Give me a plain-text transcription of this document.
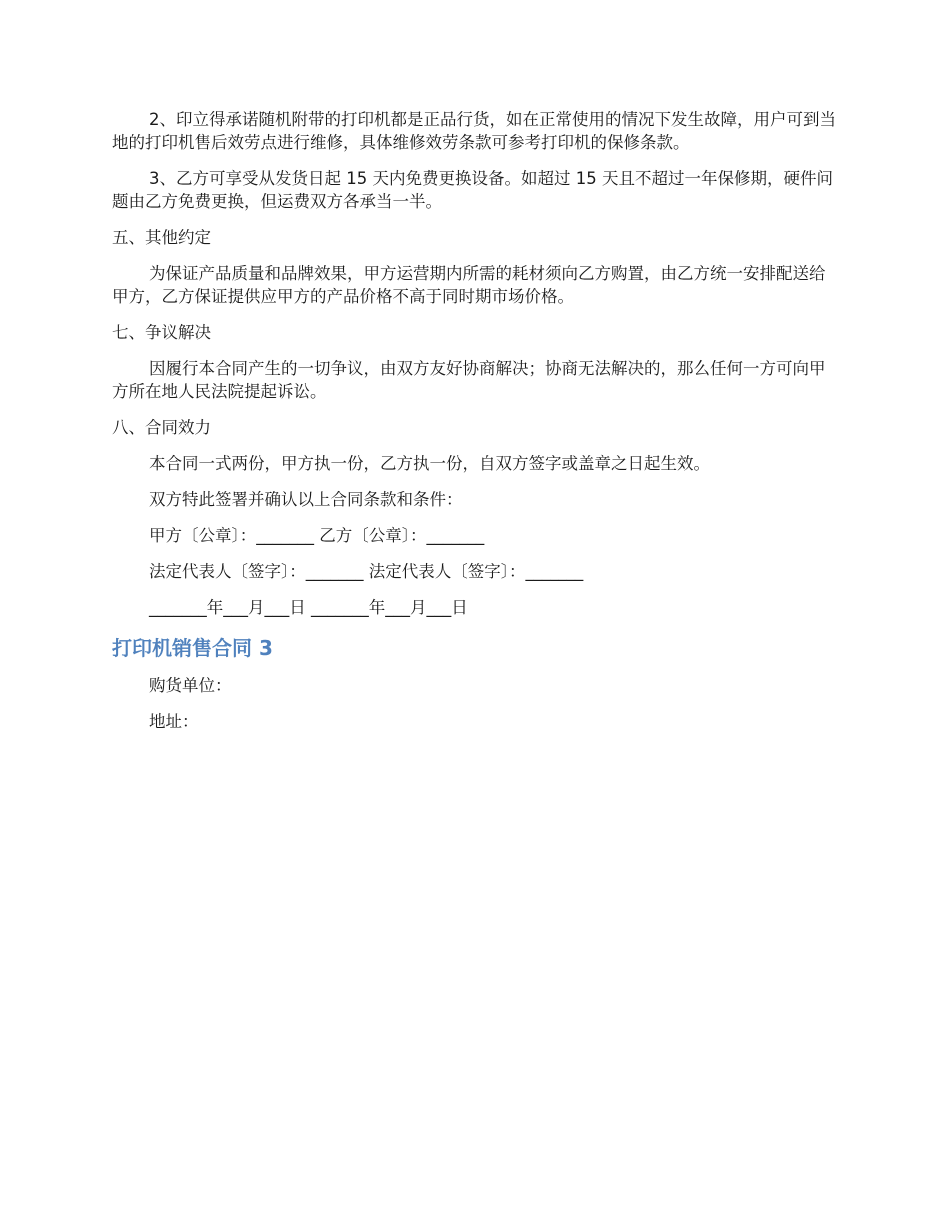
2、印立得承诺随机附带的打印机都是正品行货，如在正常使用的情况下发生故障，用户可到当地的打印机售后效劳点进行维修，具体维修效劳条款可参考打印机的保修条款。

3、乙方可享受从发货日起 15 天内免费更换设备。如超过 15 天且不超过一年保修期，硬件问题由乙方免费更换，但运费双方各承当一半。

五、其他约定

为保证产品质量和品牌效果，甲方运营期内所需的耗材须向乙方购置，由乙方统一安排配送给甲方，乙方保证提供应甲方的产品价格不高于同时期市场价格。

七、争议解决

因履行本合同产生的一切争议，由双方友好协商解决；协商无法解决的，那么任何一方可向甲方所在地人民法院提起诉讼。

八、合同效力

本合同一式两份，甲方执一份，乙方执一份，自双方签字或盖章之日起生效。

双方特此签署并确认以上合同条款和条件：

甲方〔公章〕：_______ 乙方〔公章〕：_______

法定代表人〔签字〕：_______ 法定代表人〔签字〕：_______

_______年___月___日 _______年___月___日

打印机销售合同 3

购货单位：

地址：
